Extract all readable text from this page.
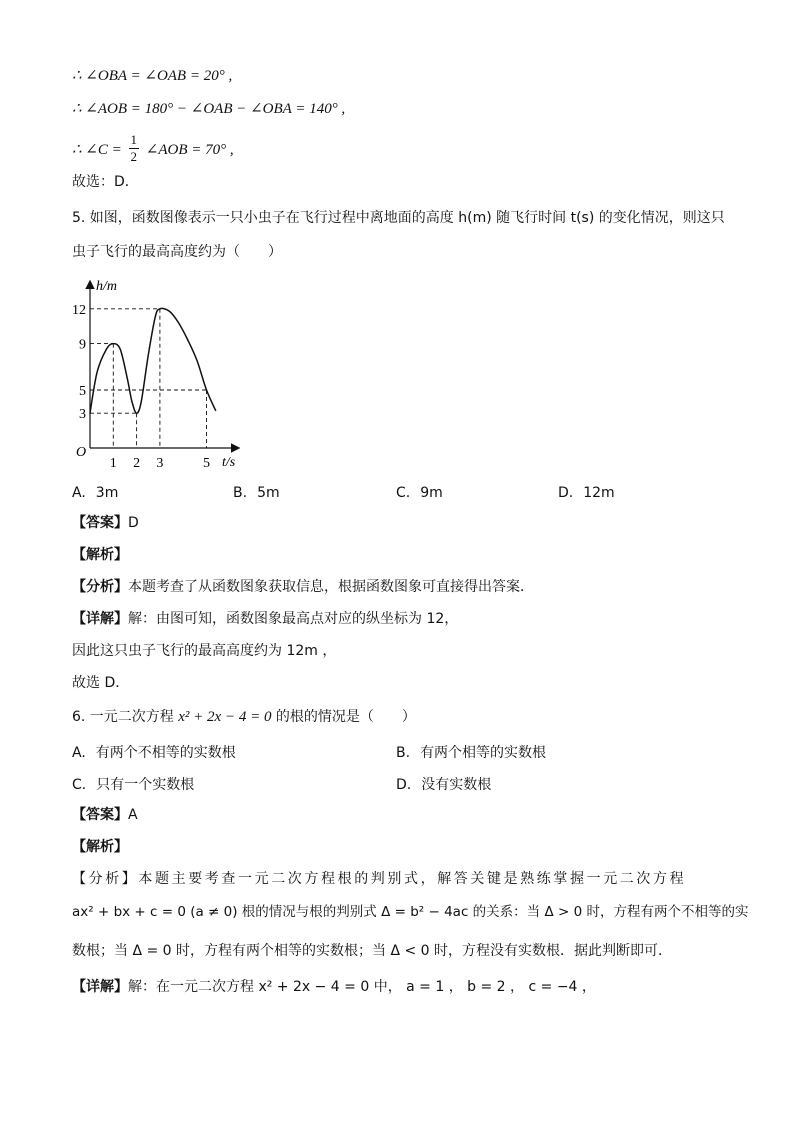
∴ ∠OBA = ∠OAB = 20° ,
∴ ∠AOB = 180° − ∠OAB − ∠OBA = 140° ,
∴ ∠C = $\frac{1}{2}$ ∠AOB = 70° ,
故选：D．
5. 如图，函数图像表示一只小虫子在飞行过程中离地面的高度 h(m) 随飞行时间 t(s) 的变化情况，则这只
虫子飞行的最高高度约为（　　）
h/m
t/s
O
3
5
9
12
1 2 3	5
A. 3m	B. 5m	C. 9m	D. 12m
【答案】D
【解析】
【分析】本题考查了从函数图象获取信息，根据函数图象可直接得出答案．
【详解】解：由图可知，函数图象最高点对应的纵坐标为 12，
因此这只虫子飞行的最高高度约为 12m ，
故选 D．
6. 一元二次方程 x² + 2x − 4 = 0 的根的情况是（　　）
A. 有两个不相等的实数根	B. 有两个相等的实数根
C. 只有一个实数根	D. 没有实数根
【答案】A
【解析】
【分析】本题主要考查一元二次方程根的判别式，解答关键是熟练掌握一元二次方程
ax² + bx + c = 0 (a ≠ 0) 根的情况与根的判别式 Δ = b² − 4ac 的关系：当 Δ > 0 时，方程有两个不相等的实
数根；当 Δ = 0 时，方程有两个相等的实数根；当 Δ < 0 时，方程没有实数根．据此判断即可．
【详解】解：在一元二次方程 x² + 2x − 4 = 0 中， a = 1 ， b = 2 ， c = −4 ，
